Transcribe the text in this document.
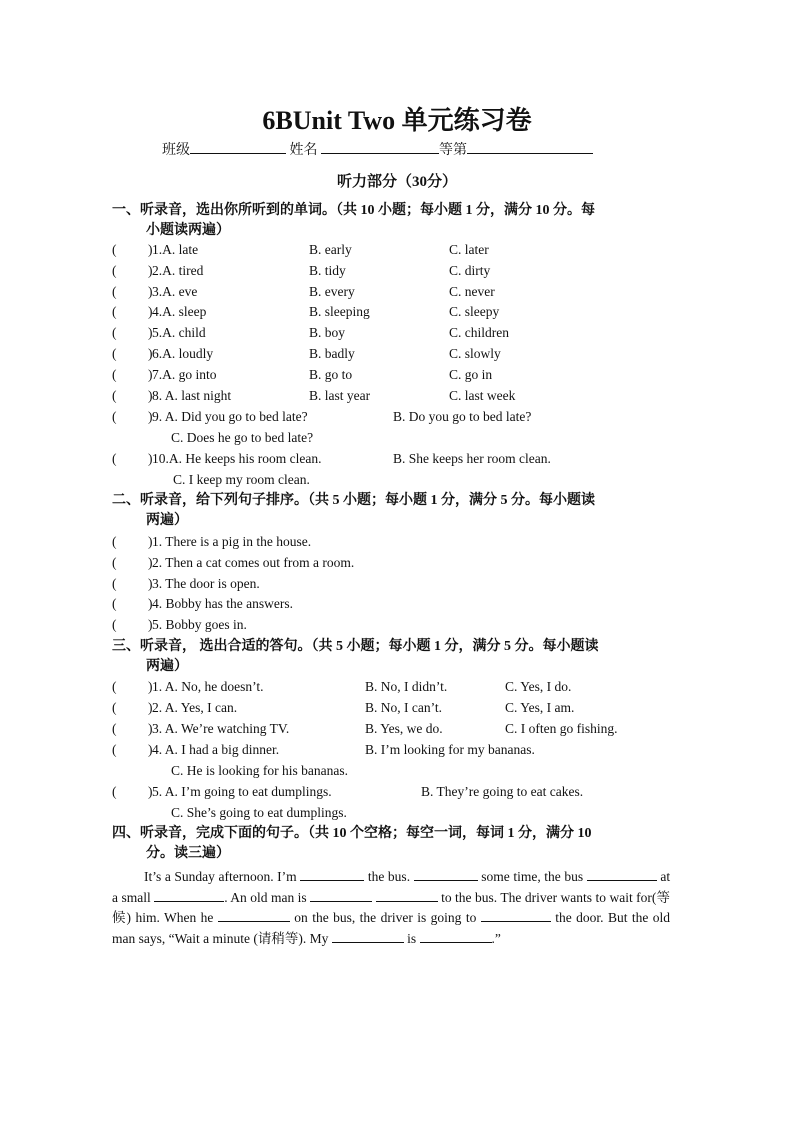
6BUnit Two 单元练习卷
班级	姓名	等第
听力部分（30分）
一、听录音，选出你所听到的单词。（共 10 小题；每小题 1 分，满分 10 分。每
小题读两遍）
( ) 1.A. late	B. early	C. later
( ) 2.A. tired	B. tidy	C. dirty
( ) 3.A. eve	B. every	C. never
( ) 4.A. sleep	B. sleeping	C. sleepy
( ) 5.A. child	B. boy	C. children
( ) 6.A. loudly	B. badly	C. slowly
( ) 7.A. go into	B. go to	C. go in
( ) 8. A. last night	B. last year	C. last week
( ) 9. A. Did you go to bed late?	B. Do you go to bed late?
C. Does he go to bed late?
( ) 10.A. He keeps his room clean.	B. She keeps her room clean.
C. I keep my room clean.
二、听录音，给下列句子排序。（共 5 小题；每小题 1 分，满分 5 分。每小题读
两遍）
( ) 1. There is a pig in the house.
( ) 2. Then a cat comes out from a room.
( ) 3. The door is open.
( ) 4. Bobby has the answers.
( ) 5. Bobby goes in.
三、听录音， 选出合适的答句。（共 5 小题；每小题 1 分，满分 5 分。每小题读
两遍）
( ) 1. A. No, he doesn’t.	B. No, I didn’t.	C. Yes, I do.
( ) 2. A. Yes, I can.	B. No, I can’t.	C. Yes, I am.
( ) 3. A. We’re watching TV.	B. Yes, we do.	C. I often go fishing.
( ) 4. A. I had a big dinner.	B. I’m looking for my bananas.
C. He is looking for his bananas.
( ) 5. A. I’m going to eat dumplings.	B. They’re going to eat cakes.
C. She’s going to eat dumplings.
四、听录音，完成下面的句子。（共 10 个空格；每空一词，每词 1 分，满分 10
分。读三遍）
It’s a Sunday afternoon. I’m	the bus.	some time, the bus	at a small	. An old man is	to the bus. The driver wants to wait for(等候) him. When he	on the bus, the driver is going to	the door. But the old man says, “Wait a minute (请稍等). My	is	.”
